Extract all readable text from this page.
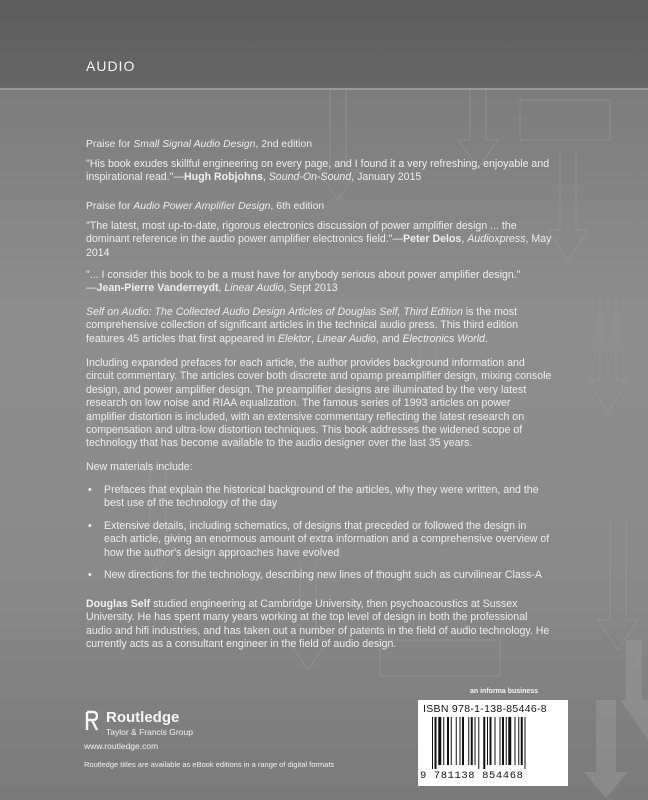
AUDIO

Praise for Small Signal Audio Design, 2nd edition

"His book exudes skillful engineering on every page, and I found it a very refreshing, enjoyable and inspirational read."—Hugh Robjohns, Sound-On-Sound, January 2015

Praise for Audio Power Amplifier Design, 6th edition

"The latest, most up-to-date, rigorous electronics discussion of power amplifier design ... the dominant reference in the audio power amplifier electronics field."—Peter Delos, Audioxpress, May 2014

"... I consider this book to be a must have for anybody serious about power amplifier design."
—Jean-Pierre Vanderreydt, Linear Audio, Sept 2013

Self on Audio: The Collected Audio Design Articles of Douglas Self, Third Edition is the most comprehensive collection of significant articles in the technical audio press. This third edition features 45 articles that first appeared in Elektor, Linear Audio, and Electronics World.

Including expanded prefaces for each article, the author provides background information and circuit commentary. The articles cover both discrete and opamp preamplifier design, mixing console design, and power amplifier design. The preamplifier designs are illuminated by the very latest research on low noise and RIAA equalization. The famous series of 1993 articles on power amplifier distortion is included, with an extensive commentary reflecting the latest research on compensation and ultra-low distortion techniques. This book addresses the widened scope of technology that has become available to the audio designer over the last 35 years.

New materials include:

• Prefaces that explain the historical background of the articles, why they were written, and the best use of the technology of the day
• Extensive details, including schematics, of designs that preceded or followed the design in each article, giving an enormous amount of extra information and a comprehensive overview of how the author's design approaches have evolved
• New directions for the technology, describing new lines of thought such as curvilinear Class-A

Douglas Self studied engineering at Cambridge University, then psychoacoustics at Sussex University. He has spent many years working at the top level of design in both the professional audio and hifi industries, and has taken out a number of patents in the field of audio technology. He currently acts as a consultant engineer in the field of audio design.

an informa business
Routledge
Taylor & Francis Group
www.routledge.com
Routledge titles are available as eBook editions in a range of digital formats
ISBN 978-1-138-85446-8
9 781138 854468
